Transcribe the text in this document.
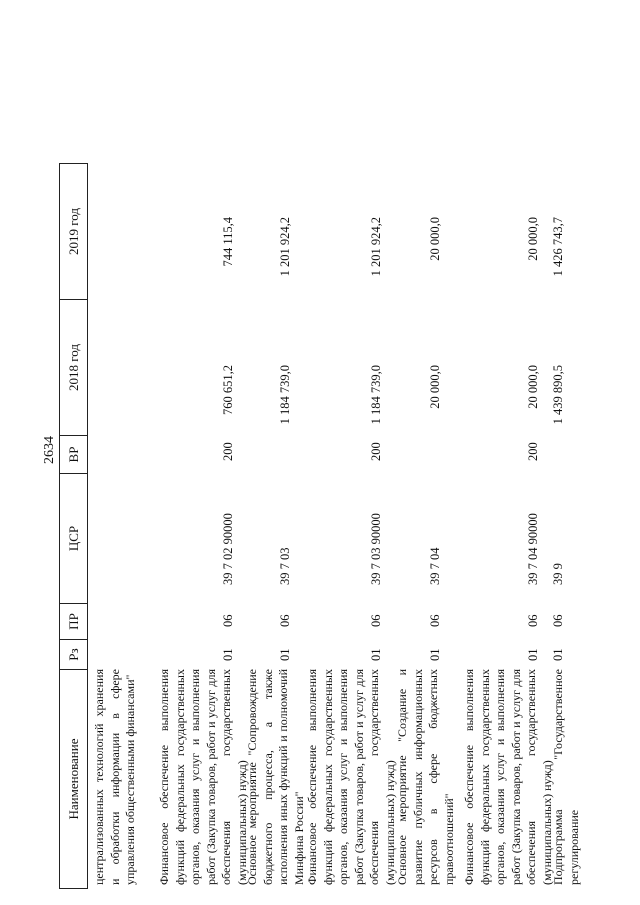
2634
Наименование
Рз
ПР
ЦСР
ВР
2018 год
2019 год
централизованных технологий хранения и обработки информации в сфере управления общественными финансами" Финансовое обеспечение выполнения функций федеральных государственных органов, оказания услуг и выполнения работ (Закупка товаров, работ и услуг для обеспечения государственных (муниципальных) нужд)
01
06
39 7 02 90000
200
760 651,2
744 115,4
Основное мероприятие "Сопровождение бюджетного процесса, а также исполнения иных функций и полномочий Минфина России"
01
06
39 7 03
1 184 739,0
1 201 924,2
Финансовое обеспечение выполнения функций федеральных государственных органов, оказания услуг и выполнения работ (Закупка товаров, работ и услуг для обеспечения государственных (муниципальных) нужд)
01
06
39 7 03 90000
200
1 184 739,0
1 201 924,2
Основное мероприятие "Создание и развитие публичных информационных ресурсов в сфере бюджетных правоотношений"
01
06
39 7 04
20 000,0
20 000,0
Финансовое обеспечение выполнения функций федеральных государственных органов, оказания услуг и выполнения работ (Закупка товаров, работ и услуг для обеспечения государственных (муниципальных) нужд)
01
06
39 7 04 90000
200
20 000,0
20 000,0
Подпрограмма "Государственное регулирование
01
06
39 9
1 439 890,5
1 426 743,7
